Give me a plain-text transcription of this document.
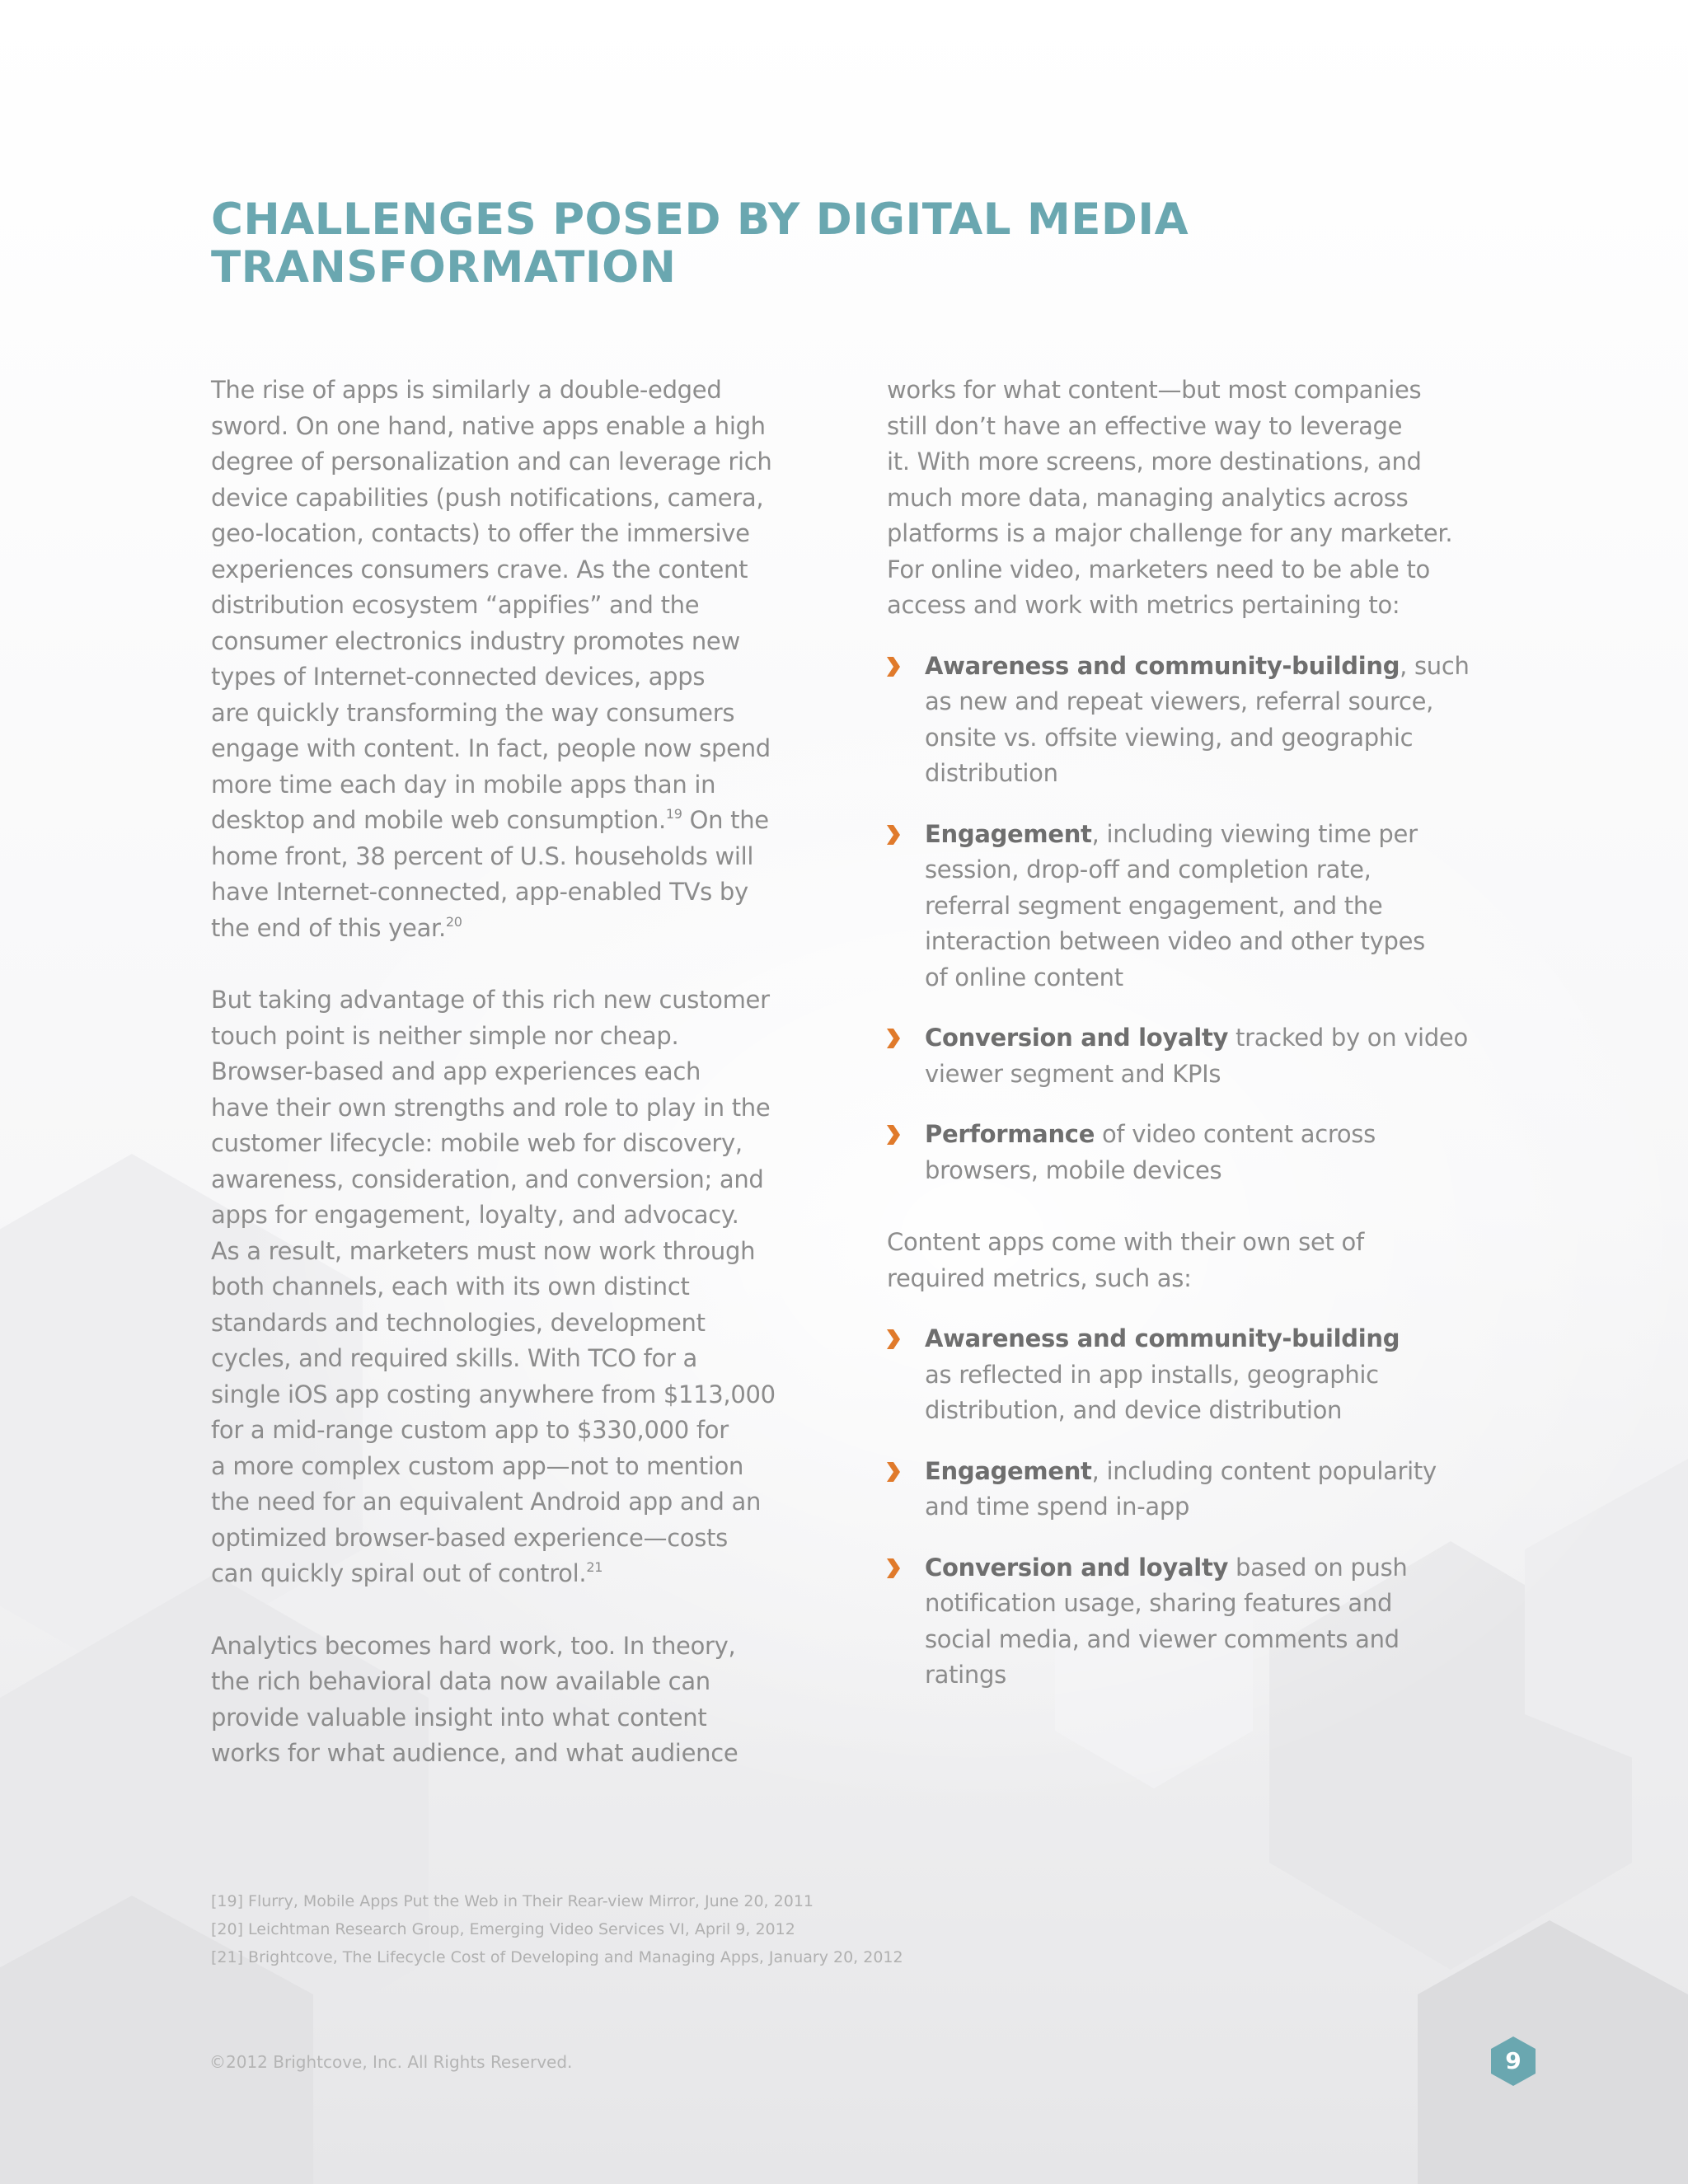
CHALLENGES POSED BY DIGITAL MEDIA
TRANSFORMATION

The rise of apps is similarly a double-edged
sword. On one hand, native apps enable a high
degree of personalization and can leverage rich
device capabilities (push notifications, camera,
geo-location, contacts) to offer the immersive
experiences consumers crave. As the content
distribution ecosystem “appifies” and the
consumer electronics industry promotes new
types of Internet-connected devices, apps
are quickly transforming the way consumers
engage with content. In fact, people now spend
more time each day in mobile apps than in
desktop and mobile web consumption.$^{19}$ On the
home front, 38 percent of U.S. households will
have Internet-connected, app-enabled TVs by
the end of this year.$^{20}$

But taking advantage of this rich new customer
touch point is neither simple nor cheap.
Browser-based and app experiences each
have their own strengths and role to play in the
customer lifecycle: mobile web for discovery,
awareness, consideration, and conversion; and
apps for engagement, loyalty, and advocacy.
As a result, marketers must now work through
both channels, each with its own distinct
standards and technologies, development
cycles, and required skills. With TCO for a
single iOS app costing anywhere from $113,000
for a mid-range custom app to $330,000 for
a more complex custom app—not to mention
the need for an equivalent Android app and an
optimized browser-based experience—costs
can quickly spiral out of control.$^{21}$

Analytics becomes hard work, too. In theory,
the rich behavioral data now available can
provide valuable insight into what content
works for what audience, and what audience

works for what content—but most companies
still don’t have an effective way to leverage
it. With more screens, more destinations, and
much more data, managing analytics across
platforms is a major challenge for any marketer.
For online video, marketers need to be able to
access and work with metrics pertaining to:

Awareness and community-building, such
as new and repeat viewers, referral source,
onsite vs. offsite viewing, and geographic
distribution

Engagement, including viewing time per
session, drop-off and completion rate,
referral segment engagement, and the
interaction between video and other types
of online content

Conversion and loyalty tracked by on video
viewer segment and KPIs

Performance of video content across
browsers, mobile devices

Content apps come with their own set of
required metrics, such as:

Awareness and community-building
as reflected in app installs, geographic
distribution, and device distribution

Engagement, including content popularity
and time spend in-app

Conversion and loyalty based on push
notification usage, sharing features and
social media, and viewer comments and
ratings

[19] Flurry, Mobile Apps Put the Web in Their Rear-view Mirror, June 20, 2011
[20] Leichtman Research Group, Emerging Video Services VI, April 9, 2012
[21] Brightcove, The Lifecycle Cost of Developing and Managing Apps, January 20, 2012
©2012 Brightcove, Inc. All Rights Reserved.	9
